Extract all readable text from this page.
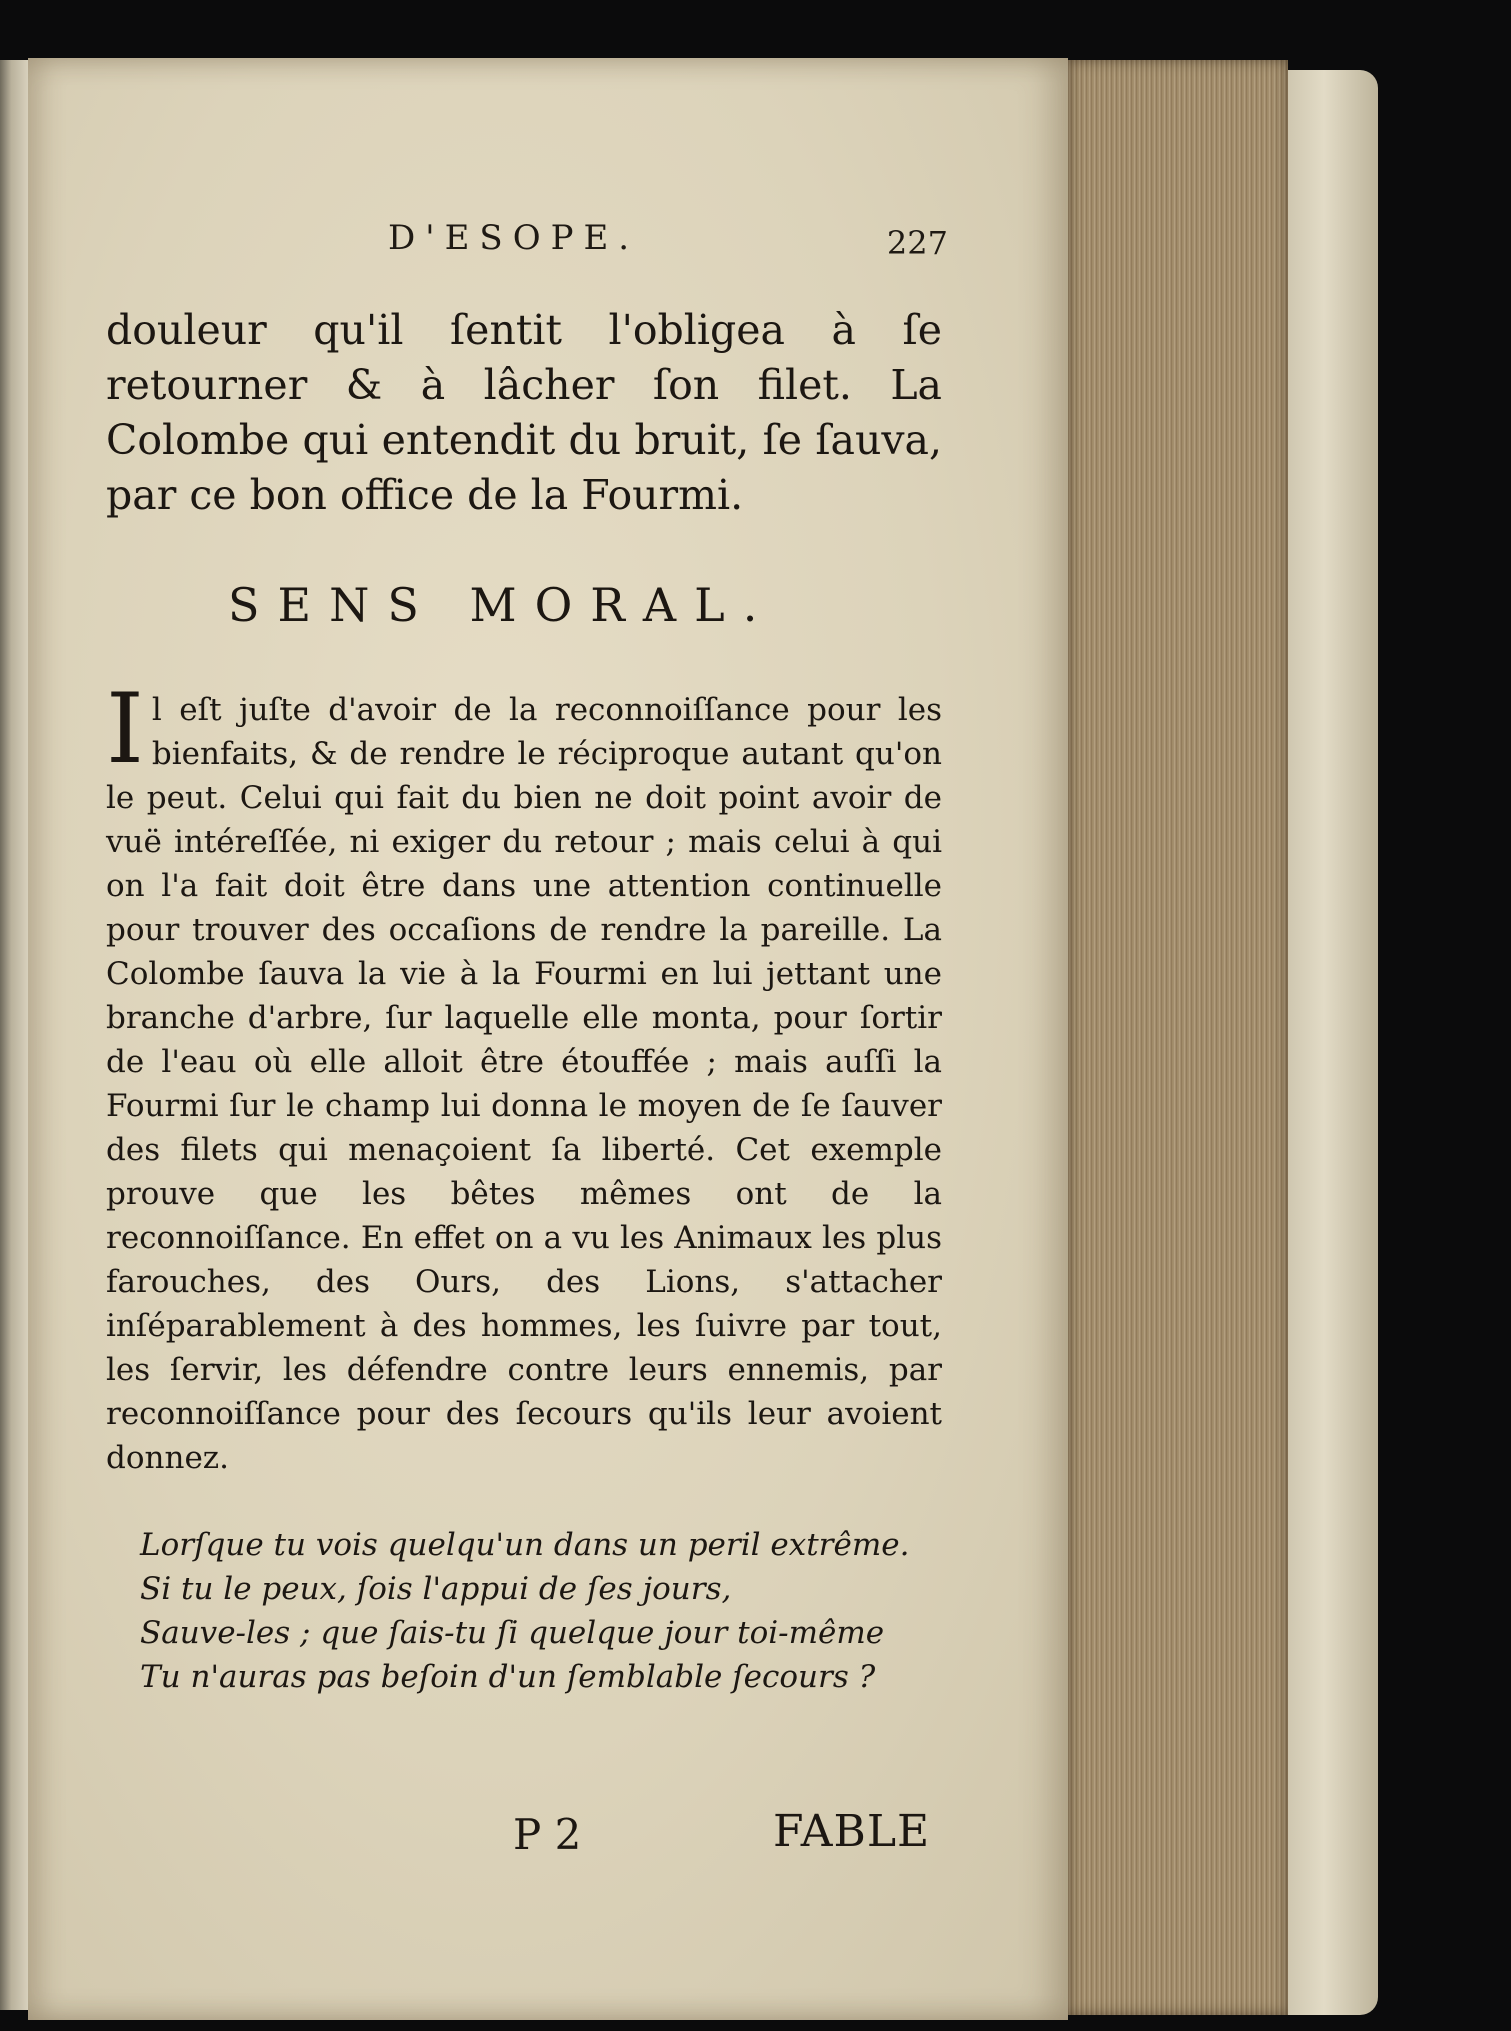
D'ESOPE.	227
douleur qu'il ſentit l'obligea à ſe retourner & à lâcher ſon filet. La Colombe qui entendit du bruit, ſe ſauva, par ce bon office de la Fourmi.
SENS MORAL.
Il eſt juſte d'avoir de la reconnoiſſance pour les bienfaits, & de rendre le réciproque autant qu'on le peut. Celui qui fait du bien ne doit point avoir de vuë intéreſſée, ni exiger du retour ; mais celui à qui on l'a fait doit être dans une attention continuelle pour trouver des occaſions de rendre la pareille. La Colombe ſauva la vie à la Fourmi en lui jettant une branche d'arbre, ſur laquelle elle monta, pour ſortir de l'eau où elle alloit être étouffée ; mais auſſi la Fourmi ſur le champ lui donna le moyen de ſe ſauver des filets qui menaçoient ſa liberté. Cet exemple prouve que les bêtes mêmes ont de la reconnoiſſance. En effet on a vu les Animaux les plus farouches, des Ours, des Lions, s'attacher inſéparablement à des hommes, les ſuivre par tout, les ſervir, les défendre contre leurs ennemis, par reconnoiſſance pour des ſecours qu'ils leur avoient donnez.
Lorſque tu vois quelqu'un dans un peril extrême.
Si tu le peux, ſois l'appui de ſes jours,
Sauve-les ; que ſais-tu ſi quelque jour toi-même
Tu n'auras pas beſoin d'un ſemblable ſecours ?
P 2	FABLE
